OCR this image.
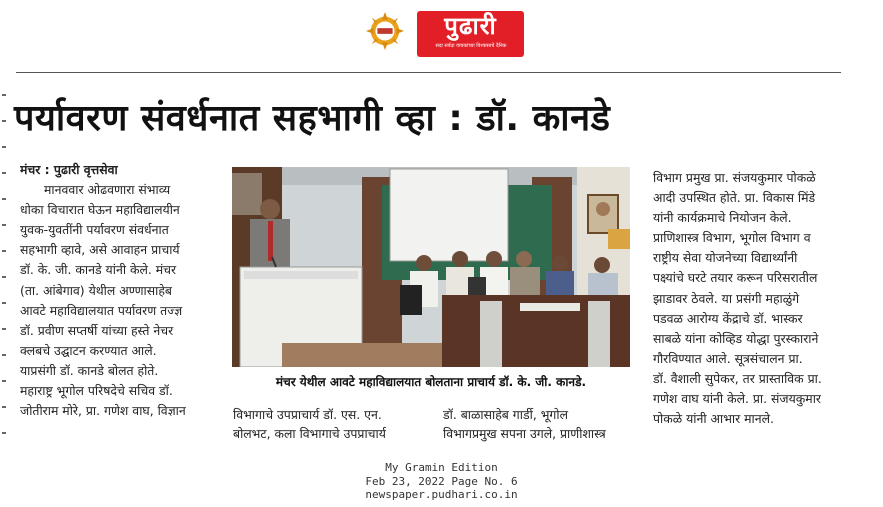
पुढारी
सदा सर्वदा वाचकांच्या विश्वासाचे दैनिक
पर्यावरण संवर्धनात सहभागी व्हा : डॉ. कानडे
मंचर : पुढारी वृत्तसेवा
मानववार ओढवणारा संभाव्य
धोका विचारात घेऊन महाविद्यालयीन
युवक-युवतींनी पर्यावरण संवर्धनात
सहभागी व्हावे, असे आवाहन प्राचार्य
डॉ. के. जी. कानडे यांनी केले. मंचर
(ता. आंबेगाव) येथील अण्णासाहेब
आवटे महाविद्यालयात पर्यावरण तज्ज्ञ
डॉ. प्रवीण सप्तर्षी यांच्या हस्ते नेचर
क्लबचे उद्घाटन करण्यात आले.
याप्रसंगी डॉ. कानडे बोलत होते.
महाराष्ट्र भूगोल परिषदेचे सचिव डॉ.
जोतीराम मोरे, प्रा. गणेश वाघ, विज्ञान
मंचर येथील आवटे महाविद्यालयात बोलताना प्राचार्य डॉ. के. जी. कानडे.
विभागाचे उपप्राचार्य डॉ. एस. एन.
बोलभट, कला विभागाचे उपप्राचार्य
डॉ. बाळासाहेब गार्डी, भूगोल
विभागप्रमुख सपना उगले, प्राणीशास्त्र
विभाग प्रमुख प्रा. संजयकुमार पोकळे
आदी उपस्थित होते. प्रा. विकास मिंडे
यांनी कार्यक्रमाचे नियोजन केले.
प्राणिशास्त्र विभाग, भूगोल विभाग व
राष्ट्रीय सेवा योजनेच्या विद्यार्थ्यांनी
पक्ष्यांचे घरटे तयार करून परिसरातील
झाडावर ठेवले. या प्रसंगी महाळुंगे
पडवळ आरोग्य केंद्राचे डॉ. भास्कर
साबळे यांना कोव्हिड योद्धा पुरस्काराने
गौरविण्यात आले. सूत्रसंचालन प्रा.
डॉ. वैशाली सुपेकर, तर प्रास्ताविक प्रा.
गणेश वाघ यांनी केले. प्रा. संजयकुमार
पोकळे यांनी आभार मानले.
My Gramin Edition
Feb 23, 2022 Page No. 6
newspaper.pudhari.co.in
